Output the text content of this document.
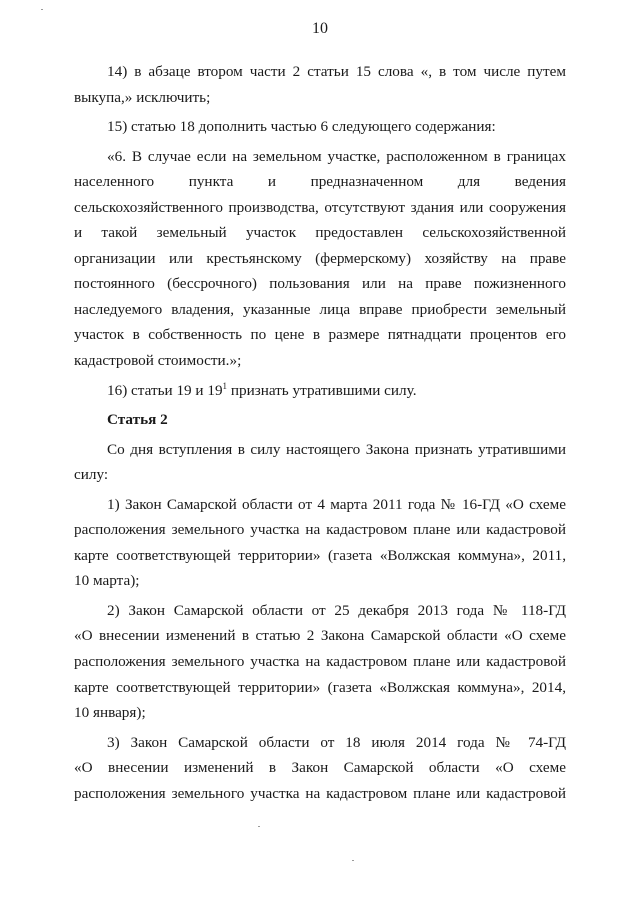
10
14) в абзаце втором части 2 статьи 15 слова «, в том числе путем
выкупа,» исключить;
15) статью 18 дополнить частью 6 следующего содержания:
«6. В случае если на земельном участке, расположенном в границах
населенного пункта и предназначенном для ведения
сельскохозяйственного производства, отсутствуют здания или сооружения
и такой земельный участок предоставлен сельскохозяйственной
организации или крестьянскому (фермерскому) хозяйству на праве
постоянного (бессрочного) пользования или на праве пожизненного
наследуемого владения, указанные лица вправе приобрести земельный
участок в собственность по цене в размере пятнадцати процентов его
кадастровой стоимости.»;
16) статьи 19 и $19^1$ признать утратившими силу.
Статья 2
Со дня вступления в силу настоящего Закона признать утратившими
силу:
1) Закон Самарской области от 4 марта 2011 года № 16-ГД «О схеме
расположения земельного участка на кадастровом плане или кадастровой
карте соответствующей территории» (газета «Волжская коммуна», 2011,
10 марта);
2) Закон Самарской области от 25 декабря 2013 года № 118-ГД
«О внесении изменений в статью 2 Закона Самарской области «О схеме
расположения земельного участка на кадастровом плане или кадастровой
карте соответствующей территории» (газета «Волжская коммуна», 2014,
10 января);
3) Закон Самарской области от 18 июля 2014 года № 74-ГД
«О внесении изменений в Закон Самарской области «О схеме
расположения земельного участка на кадастровом плане или кадастровой
